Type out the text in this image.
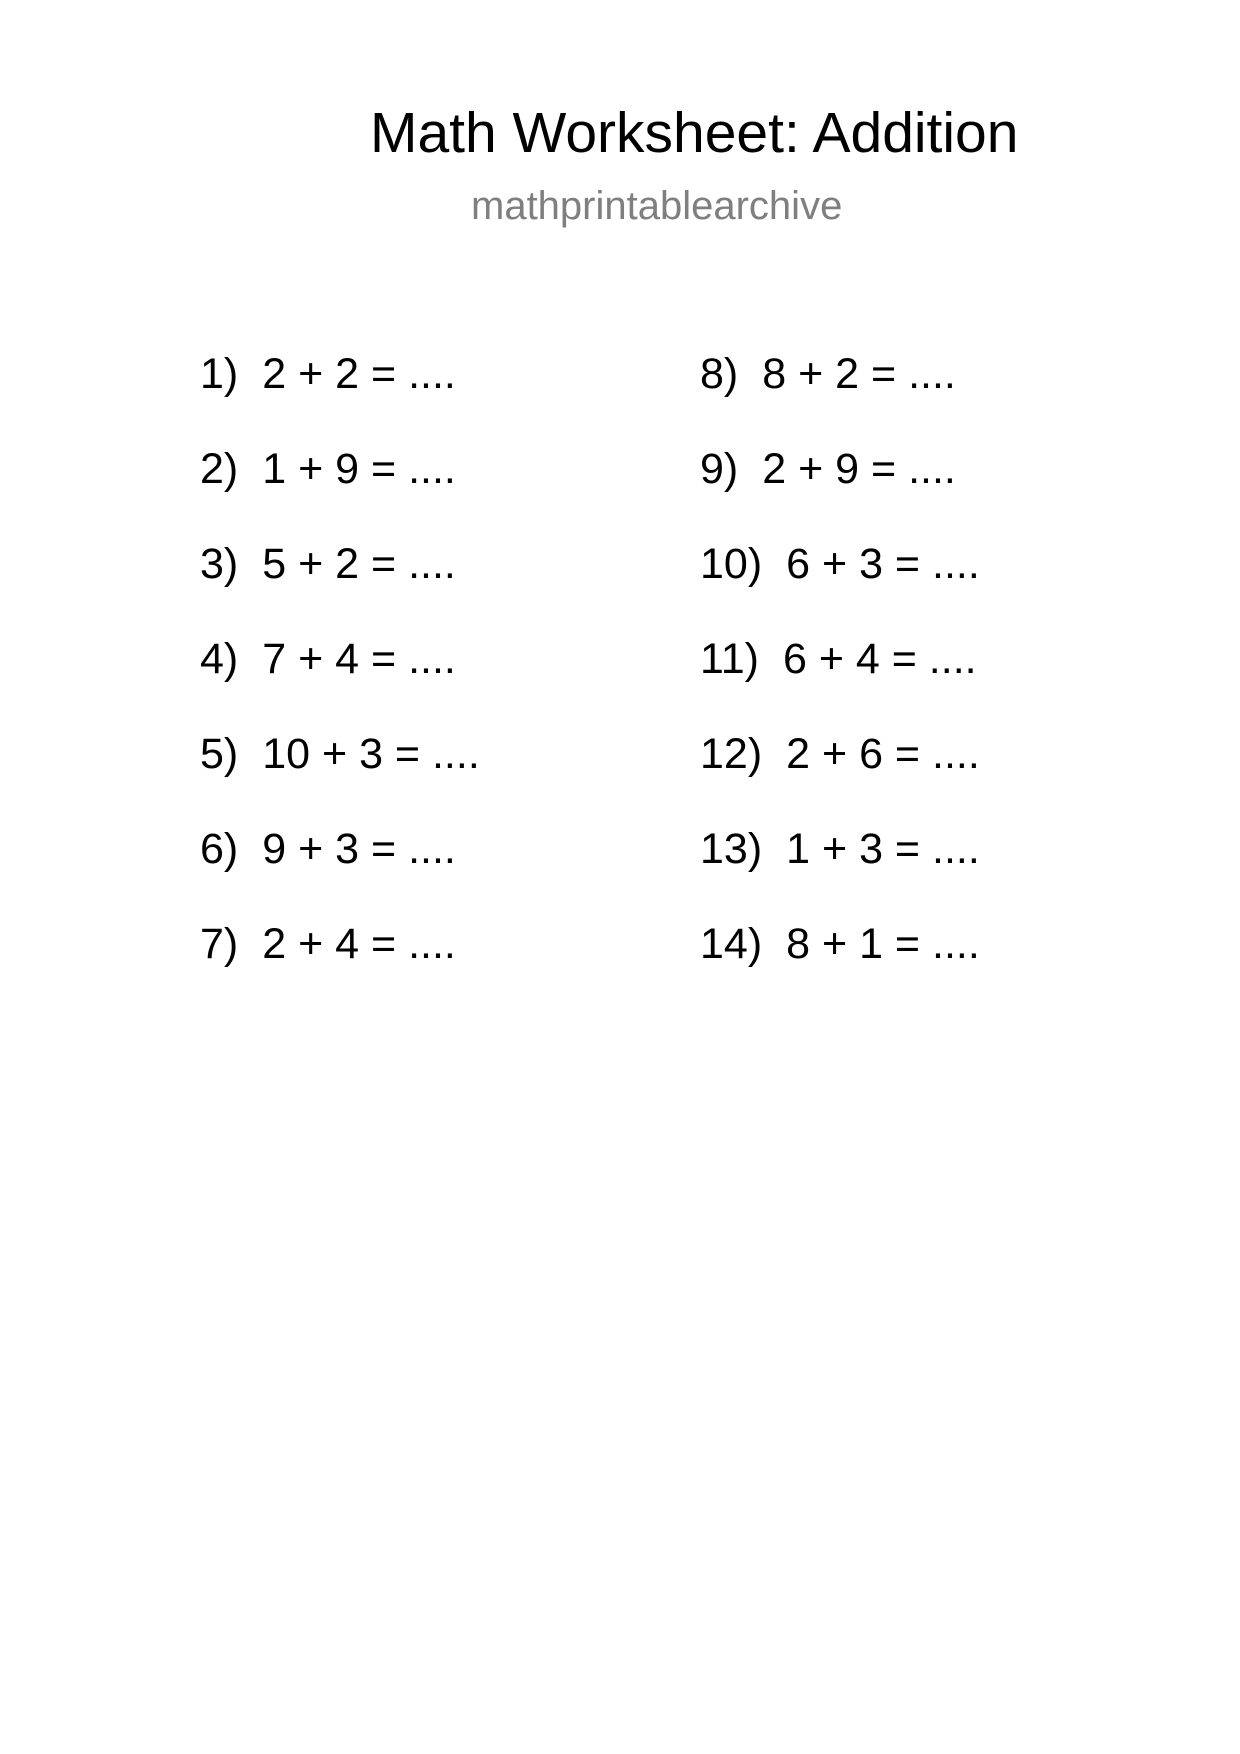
Math Worksheet: Addition
mathprintablearchive
1) 2 + 2 = ....
2) 1 + 9 = ....
3) 5 + 2 = ....
4) 7 + 4 = ....
5) 10 + 3 = ....
6) 9 + 3 = ....
7) 2 + 4 = ....
8) 8 + 2 = ....
9) 2 + 9 = ....
10) 6 + 3 = ....
11) 6 + 4 = ....
12) 2 + 6 = ....
13) 1 + 3 = ....
14) 8 + 1 = ....
